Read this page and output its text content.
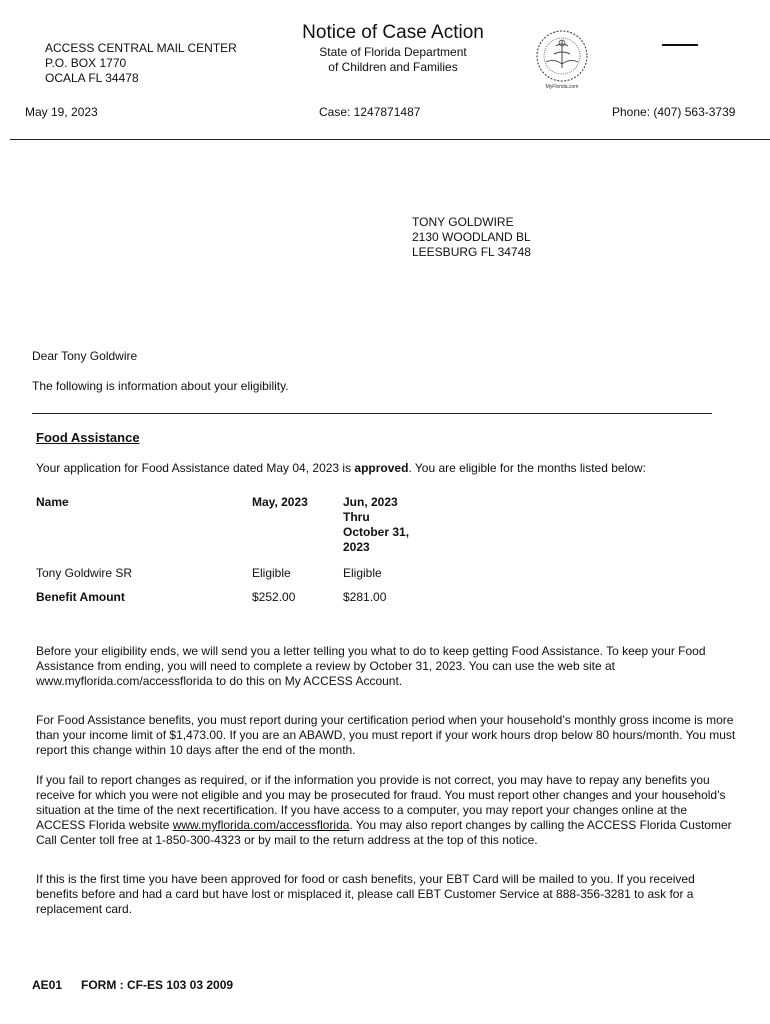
ACCESS CENTRAL MAIL CENTER
P.O. BOX 1770
OCALA FL 34478
Notice of Case Action
State of Florida Department
of Children and Families
MyFlorida.com
May 19, 2023	Case: 1247871487	Phone: (407) 563-3739
TONY GOLDWIRE
2130 WOODLAND BL
LEESBURG FL 34748
Dear Tony Goldwire
The following is information about your eligibility.
Food Assistance
Your application for Food Assistance dated May 04, 2023 is approved. You are eligible for the months listed below:
Name	May, 2023	Jun, 2023
Thru
October 31,
2023
Tony Goldwire SR	Eligible	Eligible
Benefit Amount	$252.00	$281.00
Before your eligibility ends, we will send you a letter telling you what to do to keep getting Food Assistance. To keep your Food Assistance from ending, you will need to complete a review by October 31, 2023. You can use the web site at www.myflorida.com/accessflorida to do this on My ACCESS Account.
For Food Assistance benefits, you must report during your certification period when your household’s monthly gross income is more than your income limit of $1,473.00. If you are an ABAWD, you must report if your work hours drop below 80 hours/month. You must report this change within 10 days after the end of the month.
If you fail to report changes as required, or if the information you provide is not correct, you may have to repay any benefits you receive for which you were not eligible and you may be prosecuted for fraud. You must report other changes and your household’s situation at the time of the next recertification. If you have access to a computer, you may report your changes online at the ACCESS Florida website www.myflorida.com/accessflorida. You may also report changes by calling the ACCESS Florida Customer Call Center toll free at 1-850-300-4323 or by mail to the return address at the top of this notice.
If this is the first time you have been approved for food or cash benefits, your EBT Card will be mailed to you. If you received benefits before and had a card but have lost or misplaced it, please call EBT Customer Service at 888-356-3281 to ask for a replacement card.
AE01 FORM : CF-ES 103 03 2009
